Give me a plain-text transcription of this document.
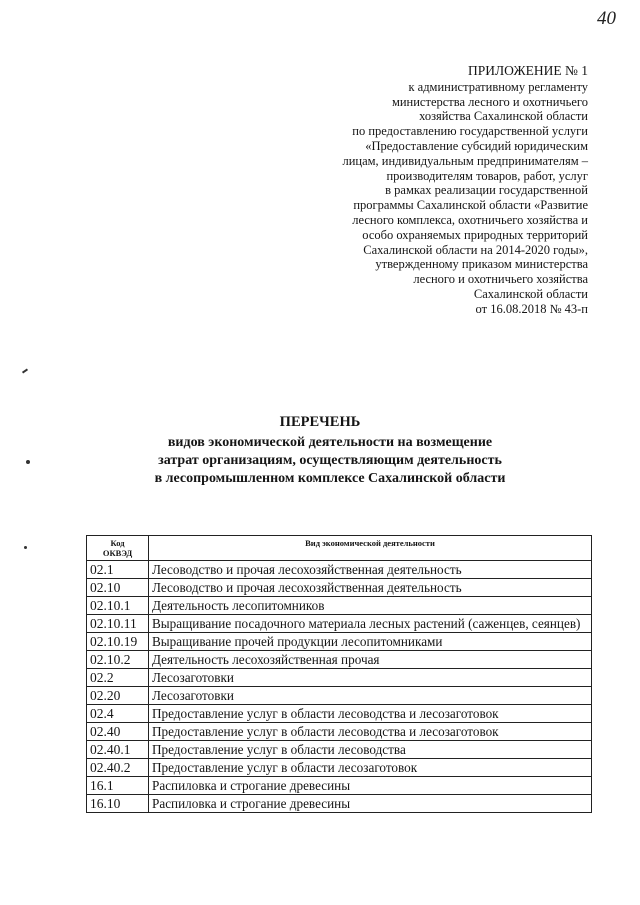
40
ПРИЛОЖЕНИЕ № 1
к административному регламенту
министерства лесного и охотничьего
хозяйства Сахалинской области
по предоставлению государственной услуги
«Предоставление субсидий юридическим
лицам, индивидуальным предпринимателям –
производителям товаров, работ, услуг
в рамках реализации государственной
программы Сахалинской области «Развитие
лесного комплекса, охотничьего хозяйства и
особо охраняемых природных территорий
Сахалинской области на 2014-2020 годы»,
утвержденному приказом министерства
лесного и охотничьего хозяйства
Сахалинской области
от 16.08.2018 № 43-п
ПЕРЕЧЕНЬ
видов экономической деятельности на возмещение
затрат организациям, осуществляющим деятельность
в лесопромышленном комплексе Сахалинской области
Код
ОКВЭД	Вид экономической деятельности
02.1	Лесоводство и прочая лесохозяйственная деятельность
02.10	Лесоводство и прочая лесохозяйственная деятельность
02.10.1	Деятельность лесопитомников
02.10.11	Выращивание посадочного материала лесных растений (саженцев, сеянцев)
02.10.19	Выращивание прочей продукции лесопитомниками
02.10.2	Деятельность лесохозяйственная прочая
02.2	Лесозаготовки
02.20	Лесозаготовки
02.4	Предоставление услуг в области лесоводства и лесозаготовок
02.40	Предоставление услуг в области лесоводства и лесозаготовок
02.40.1	Предоставление услуг в области лесоводства
02.40.2	Предоставление услуг в области лесозаготовок
16.1	Распиловка и строгание древесины
16.10	Распиловка и строгание древесины
